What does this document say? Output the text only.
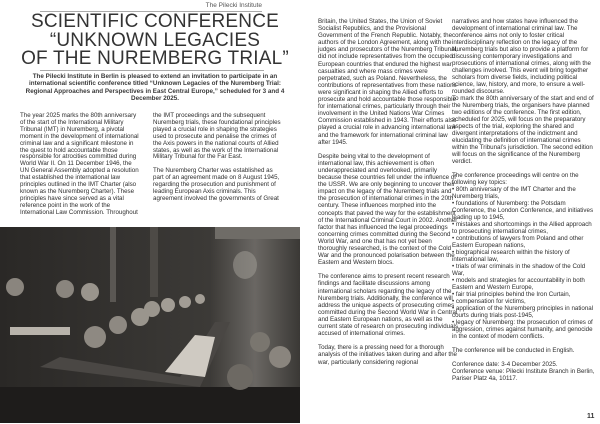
The Pilecki Institute
SCIENTIFIC CONFERENCE
“UNKNOWN LEGACIES
OF THE NUREMBERG TRIAL”
The Pilecki Institute in Berlin is pleased to extend an invitation to participate in an international scientific conference titled “Unknown Legacies of the Nuremberg Trial: Regional Approaches and Perspectives in East Central Europe,” scheduled for 3 and 4 December 2025.

The year 2025 marks the 80th anniversary of the start of the International Military Tribunal (IMT) in Nuremberg, a pivotal moment in the development of international criminal law and a significant milestone in the quest to hold accountable those responsible for atrocities committed during World War II. On 11 December 1946, the UN General Assembly adopted a resolution that established the international law principles outlined in the IMT Charter (also known as the Nuremberg Charter). These principles have since served as a vital reference point in the work of the International Law Commission. Throughout

the IMT proceedings and the subsequent Nuremberg trials, these foundational principles played a crucial role in shaping the strategies used to prosecute and penalise the crimes of the Axis powers in the national courts of Allied states, as well as the work of the International Military Tribunal for the Far East.

The Nuremberg Charter was established as part of an agreement made on 8 August 1945, regarding the prosecution and punishment of leading European Axis criminals. This agreement involved the governments of Great

Britain, the United States, the Union of Soviet Socialist Republics, and the Provisional Government of the French Republic. Notably, the authors of the London Agreement, along with the judges and prosecutors of the Nuremberg Tribunal, did not include representatives from the occupied European countries that endured the highest war casualties and where mass crimes were perpetrated, such as Poland. Nevertheless, the contributions of representatives from these nations were significant in shaping the Allied efforts to prosecute and hold accountable those responsible for international crimes, particularly through their involvement in the United Nations War Crimes Commission established in 1943. Their efforts also played a crucial role in advancing international law and the framework for international criminal law after 1945.

Despite being vital to the development of international law, this achievement is often underappreciated and overlooked, primarily because these countries fell under the influence of the USSR. We are only beginning to uncover their impact on the legacy of the Nuremberg trials and the prosecution of international crimes in the 20th century. These influences morphed into the concepts that paved the way for the establishment of the International Criminal Court in 2002. Another factor that has influenced the legal proceedings concerning crimes committed during the Second World War, and one that has not yet been thoroughly researched, is the context of the Cold War and the pronounced polarisation between the Eastern and Western blocs.

The conference aims to present recent research findings and facilitate discussions among international scholars regarding the legacy of the Nuremberg trials. Additionally, the conference will address the unique aspects of prosecuting crimes committed during the Second World War in Central and Eastern European nations, as well as the current state of research on prosecuting individuals accused of international crimes.

Today, there is a pressing need for a thorough analysis of the initiatives taken during and after the war, particularly considering regional

narratives and how states have influenced the development of international criminal law. The conference aims not only to foster critical interdisciplinary reflection on the legacy of the Nuremberg trials but also to provide a platform for discussing contemporary investigations and prosecutions of international crimes, along with the challenges involved. This event will bring together scholars from diverse fields, including political science, law, history, and more, to ensure a well-rounded discourse.

To mark the 80th anniversary of the start and end of the Nuremberg trials, the organisers have planned two editions of the conference. The first edition, scheduled for 2025, will focus on the preparatory aspects of the trial, exploring the shared and divergent interpretations of the indictment and elucidating the definition of international crimes within the Tribunal’s jurisdiction. The second edition will focus on the significance of the Nuremberg verdict.

The conference proceedings will centre on the following key topics:
• 80th anniversary of the IMT Charter and the Nuremberg trials,
• foundations of Nuremberg: the Potsdam Conference, the London Conference, and initiatives leading up to 1945,
• mistakes and shortcomings in the Allied approach to prosecuting international crimes,
• contributions of lawyers from Poland and other Eastern European nations,
• biographical research within the history of international law,
• trials of war criminals in the shadow of the Cold War,
• models and strategies for accountability in both Eastern and Western Europe,
• fair trial principles behind the Iron Curtain,
• compensation for victims,
• application of the Nuremberg principles in national courts during trials post-1945,

• legacy of Nuremberg: the prosecution of crimes of aggression, crimes against humanity, and genocide in the context of modern conflicts.

The conference will be conducted in English.

Conference date: 3-4 December 2025.
Conference venue: Pilecki Institute Branch in Berlin, Pariser Platz 4a, 10117.
11
